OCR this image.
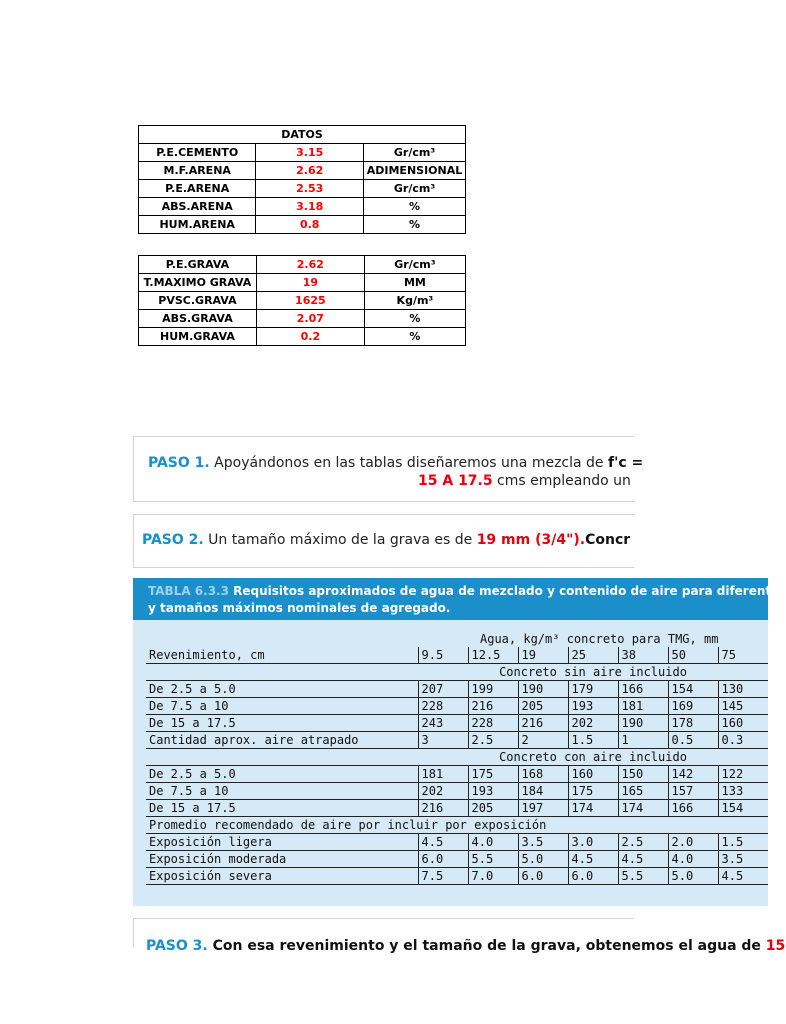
DATOS		
P.E.CEMENTO	3.15	Gr/cm³
M.F.ARENA	2.62	ADIMENSIONAL
P.E.ARENA	2.53	Gr/cm³
ABS.ARENA	3.18	%
HUM.ARENA	0.8	%
P.E.GRAVA	2.62	Gr/cm³
T.MAXIMO GRAVA	19	MM
PVSC.GRAVA	1625	Kg/m³
ABS.GRAVA	2.07	%
HUM.GRAVA	0.2	%
PASO 1. Apoyándonos en las tablas diseñaremos una mezcla de f'c =
15 A 17.5 cms empleando un
PASO 2. Un tamaño máximo de la grava es de 19 mm (3/4").Concr
TABLA 6.3.3 Requisitos aproximados de agua de mezclado y contenido de aire para diferentes
y tamaños máximos nominales de agregado.
	Agua, kg/m³ concreto para TMG, mm						
Revenimiento, cm	9.5	12.5	19	25	38	50	75
	Concreto sin aire incluido						
De 2.5 a 5.0	207	199	190	179	166	154	130
De 7.5 a 10	228	216	205	193	181	169	145
De 15 a 17.5	243	228	216	202	190	178	160
Cantidad aprox. aire atrapado	3	2.5	2	1.5	1	0.5	0.3
	Concreto con aire incluido						
De 2.5 a 5.0	181	175	168	160	150	142	122
De 7.5 a 10	202	193	184	175	165	157	133
De 15 a 17.5	216	205	197	174	174	166	154
Promedio recomendado de aire por incluir por exposición							
Exposición ligera	4.5	4.0	3.5	3.0	2.5	2.0	1.5
Exposición moderada	6.0	5.5	5.0	4.5	4.5	4.0	3.5
Exposición severa	7.5	7.0	6.0	6.0	5.5	5.0	4.5
PASO 3. Con esa revenimiento y el tamaño de la grava, obtenemos el agua de 15
